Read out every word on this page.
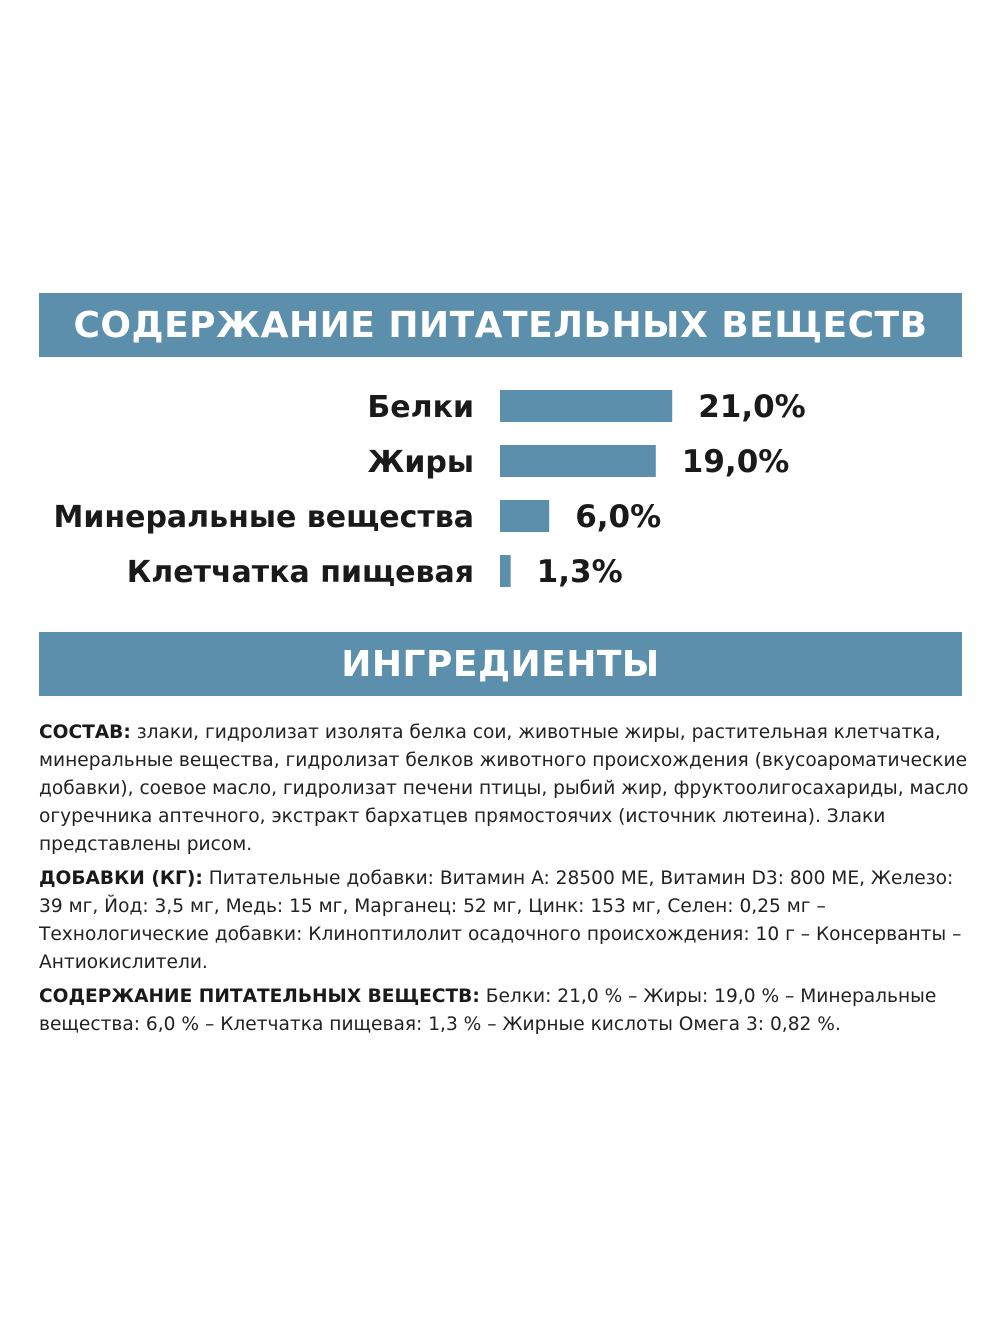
СОДЕРЖАНИЕ ПИТАТЕЛЬНЫХ ВЕЩЕСТВ
Белки	21,0%
Жиры	19,0%
Минеральные вещества	6,0%
Клетчатка пищевая 1,3%
ИНГРЕДИЕНТЫ

СОСТАВ: злаки, гидролизат изолята белка сои, животные жиры, растительная клетчатка, минеральные вещества, гидролизат белков животного происхождения (вкусоароматические добавки), соевое масло, гидролизат печени птицы, рыбий жир, фруктоолигосахариды, масло огуречника аптечного, экстракт бархатцев прямостоячих (источник лютеина). Злаки представлены рисом.

ДОБАВКИ (КГ): Питательные добавки: Витамин A: 28500 МЕ, Витамин D3: 800 МЕ, Железо: 39 мг, Йод: 3,5 мг, Медь: 15 мг, Марганец: 52 мг, Цинк: 153 мг, Селен: 0,25 мг – Технологические добавки: Клиноптилолит осадочного происхождения: 10 г – Консерванты – Антиокислители.

СОДЕРЖАНИЕ ПИТАТЕЛЬНЫХ ВЕЩЕСТВ: Белки: 21,0 % – Жиры: 19,0 % – Минеральные вещества: 6,0 % – Клетчатка пищевая: 1,3 % – Жирные кислоты Омега 3: 0,82 %.
